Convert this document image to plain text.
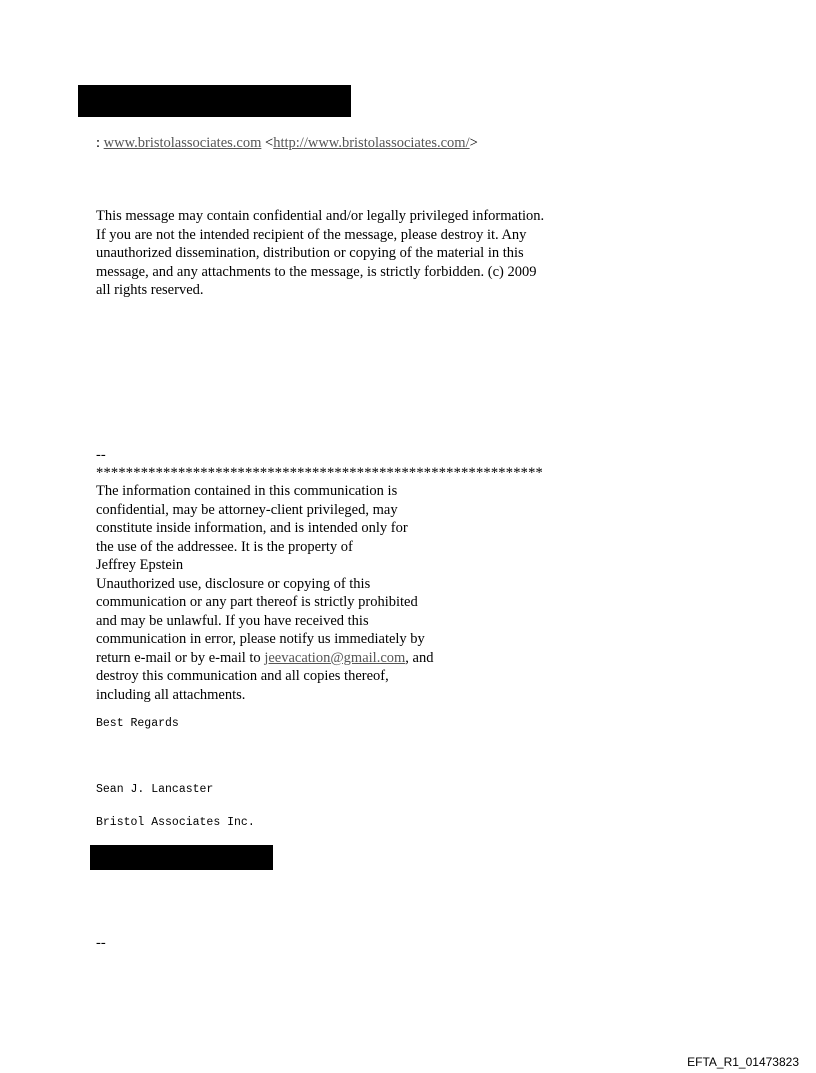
: www.bristolassociates.com <http://www.bristolassociates.com/>
This message may contain confidential and/or legally privileged information.
If you are not the intended recipient of the message, please destroy it. Any
unauthorized dissemination, distribution or copying of the material in this
message, and any attachments to the message, is strictly forbidden. (c) 2009
all rights reserved.
--
************************************************************
The information contained in this communication is
confidential, may be attorney-client privileged, may
constitute inside information, and is intended only for
the use of the addressee. It is the property of
Jeffrey Epstein
Unauthorized use, disclosure or copying of this
communication or any part thereof is strictly prohibited
and may be unlawful. If you have received this
communication in error, please notify us immediately by
return e-mail or by e-mail to jeevacation@gmail.com, and
destroy this communication and all copies thereof,
including all attachments.
Best Regards
Sean J. Lancaster
Bristol Associates Inc.
--
EFTA_R1_01473823
